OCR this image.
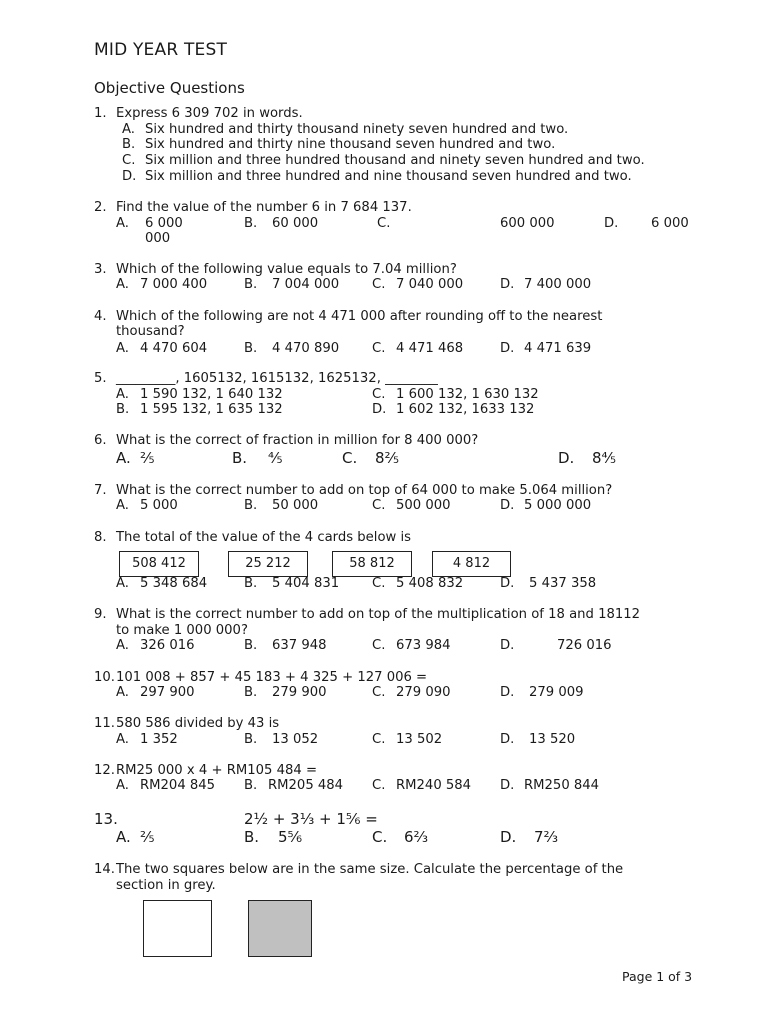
MID YEAR TEST
Objective Questions
1. Express 6 309 702 in words.
A. Six hundred and thirty thousand ninety seven hundred and two.
B. Six hundred and thirty nine thousand seven hundred and two.
C. Six million and three hundred thousand and ninety seven hundred and two.
D. Six million and three hundred and nine thousand seven hundred and two.
2. Find the value of the number 6 in 7 684 137.
A. 6 000	B. 60 000	C.	600 000	D. 6 000
000
3. Which of the following value equals to 7.04 million?
A. 7 000 400	B. 7 004 000 C. 7 040 000	D. 7 400 000
4. Which of the following are not 4 471 000 after rounding off to the nearest
thousand?
A. 4 470 604	B. 4 470 890 C. 4 471 468	D. 4 471 639
5. _________, 1605132, 1615132, 1625132, ________
A. 1 590 132, 1 640 132
B. 1 595 132, 1 635 132
C. 1 600 132, 1 630 132
D. 1 602 132, 1633 132
6. What is the correct of fraction in million for 8 400 000?
A. ⅖	B. ⅘	C. 8⅖	D. 8⅘
7. What is the correct number to add on top of 64 000 to make 5.064 million?
A. 5 000	B. 50 000	C. 500 000	D. 5 000 000
8. The total of the value of the 4 cards below is
508 412	25 212	58 812	4 812
A. 5 348 684	B. 5 404 831 C. 5 408 832	D. 5 437 358
9. What is the correct number to add on top of the multiplication of 18 and 18112
to make 1 000 000?
A. 326 016	B. 637 948	C. 673 984	D.	726 016
10. 101 008 + 857 + 45 183 + 4 325 + 127 006 =
A. 297 900	B. 279 900	C. 279 090	D. 279 009
11. 580 586 divided by 43 is
A. 1 352	B. 13 052	C. 13 502	D. 13 520
12. RM25 000 x 4 + RM105 484 =
A. RM204 845 B. RM205 484 C. RM240 584 D. RM250 844
13.	2½ + 3⅓ + 1⅚ =
A. ⅖	B. 5⅚	C. 6⅔	D. 7⅔
14. The two squares below are in the same size. Calculate the percentage of the
section in grey.
Page 1 of 3
